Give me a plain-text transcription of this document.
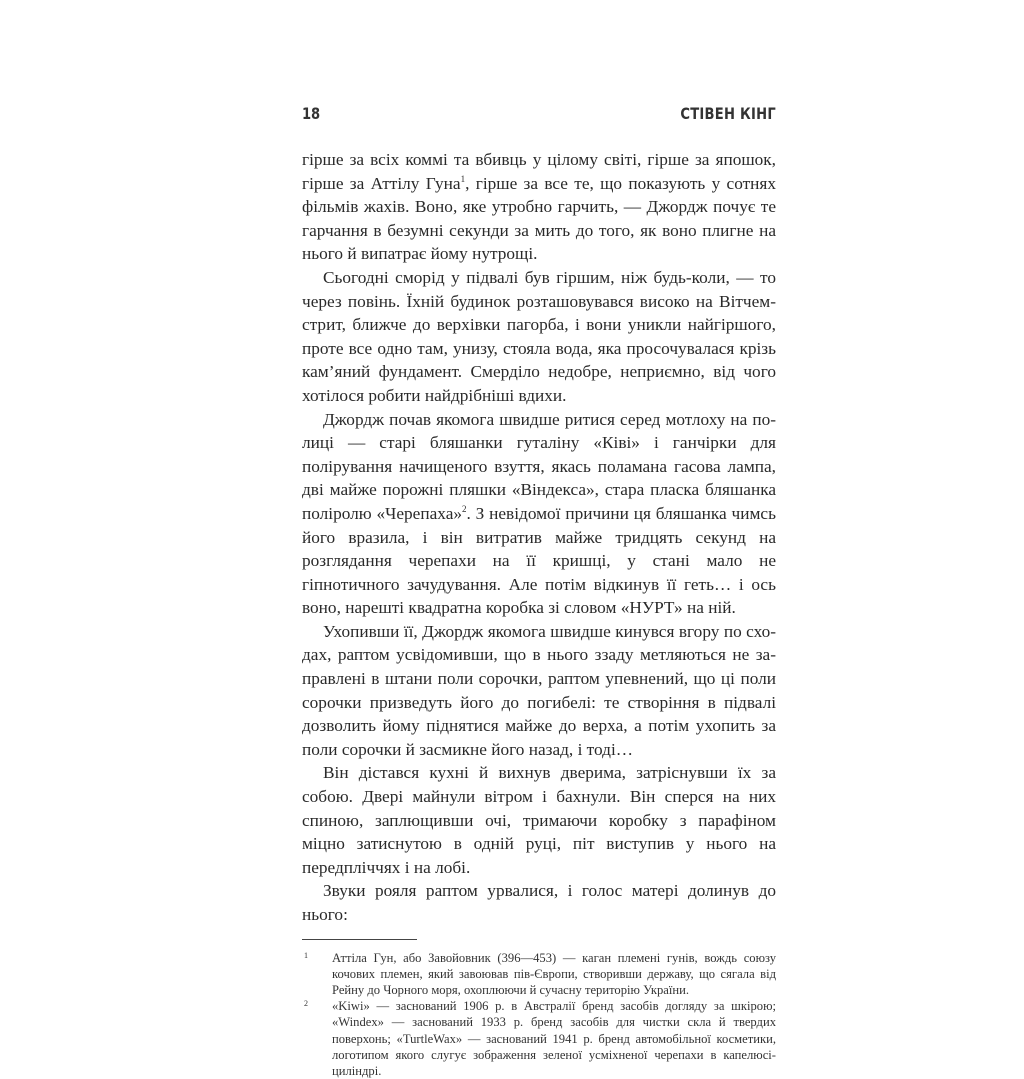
18	СТІВЕН КІНГ

гірше за всіх коммі та вбивць у цілому світі, гірше за япошок, гірше за Аттілу Гуна$^1$, гірше за все те, що показують у сотнях фільмів жахів. Воно, яке утробно гарчить, — Джордж почує те гарчання в безумні секунди за мить до того, як воно плигне на нього й випатрає йому нутрощі.

Сьогодні сморід у підвалі був гіршим, ніж будь-коли, — то через повінь. Їхній будинок розташовувався високо на Вітчемстрит, ближче до верхівки пагорба, і вони уникли найгіршого, проте все одно там, унизу, стояла вода, яка просочувалася крізь кам’яний фундамент. Смерділо недобре, неприємно, від чого хотілося робити найдрібніші вдихи.

Джордж почав якомога швидше ритися серед мотлоху на полиці — старі бляшанки гуталіну «Ківі» і ганчірки для полірування начищеного взуття, якась поламана гасова лампа, дві майже порожні пляшки «Віндекса», стара пласка бляшанка поліролю «Черепаха»$^2$. З невідомої причини ця бляшанка чимсь його вразила, і він витратив майже тридцять секунд на розглядання черепахи на її кришці, у стані мало не гіпнотичного зачудування. Але потім відкинув її геть… і ось воно, нарешті квадратна коробка зі словом «НУРТ» на ній.

Ухопивши її, Джордж якомога швидше кинувся вгору по сходах, раптом усвідомивши, що в нього ззаду метляються не заправлені в штани поли сорочки, раптом упевнений, що ці поли сорочки призведуть його до погибелі: те створіння в підвалі дозволить йому піднятися майже до верха, а потім ухопить за поли сорочки й засмикне його назад, і тоді…

Він дістався кухні й вихнув дверима, затріснувши їх за собою. Двері майнули вітром і бахнули. Він сперся на них спиною, заплющивши очі, тримаючи коробку з парафіном міцно затиснутою в одній руці, піт виступив у нього на передпліччях і на лобі.

Звуки рояля раптом урвалися, і голос матері долинув до нього:

1	Аттіла Гун, або Завойовник (396—453) — каган племені гунів, вождь союзу кочових племен, який завоював пів-Європи, створивши державу, що сягала від Рейну до Чорного моря, охоплюючи й сучасну територію України.
2	«Kiwi» — заснований 1906 р. в Австралії бренд засобів догляду за шкірою; «Windex» — заснований 1933 р. бренд засобів для чистки скла й твердих поверхонь; «TurtleWax» — заснований 1941 р. бренд автомобільної косметики, логотипом якого слугує зображення зеленої усміхненої черепахи в капелюсі-циліндрі.
